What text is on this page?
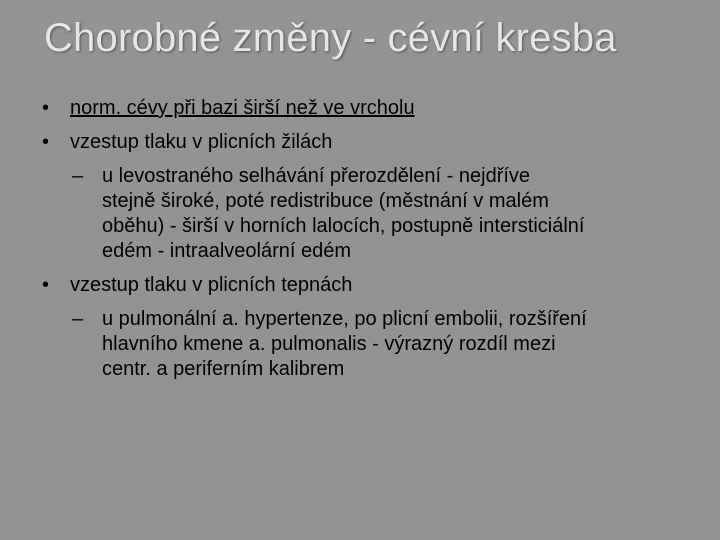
Chorobné změny - cévní kresba
• norm. cévy při bazi širší než ve vrcholu
• vzestup tlaku v plicních žilách
– u levostraného selhávání přerozdělení - nejdříve
stejně široké, poté redistribuce (městnání v malém
oběhu) - širší v horních lalocích, postupně intersticiální
edém - intraalveolární edém
• vzestup tlaku v plicních tepnách
– u pulmonální a. hypertenze, po plicní embolii, rozšíření
hlavního kmene a. pulmonalis - výrazný rozdíl mezi
centr. a periferním kalibrem
